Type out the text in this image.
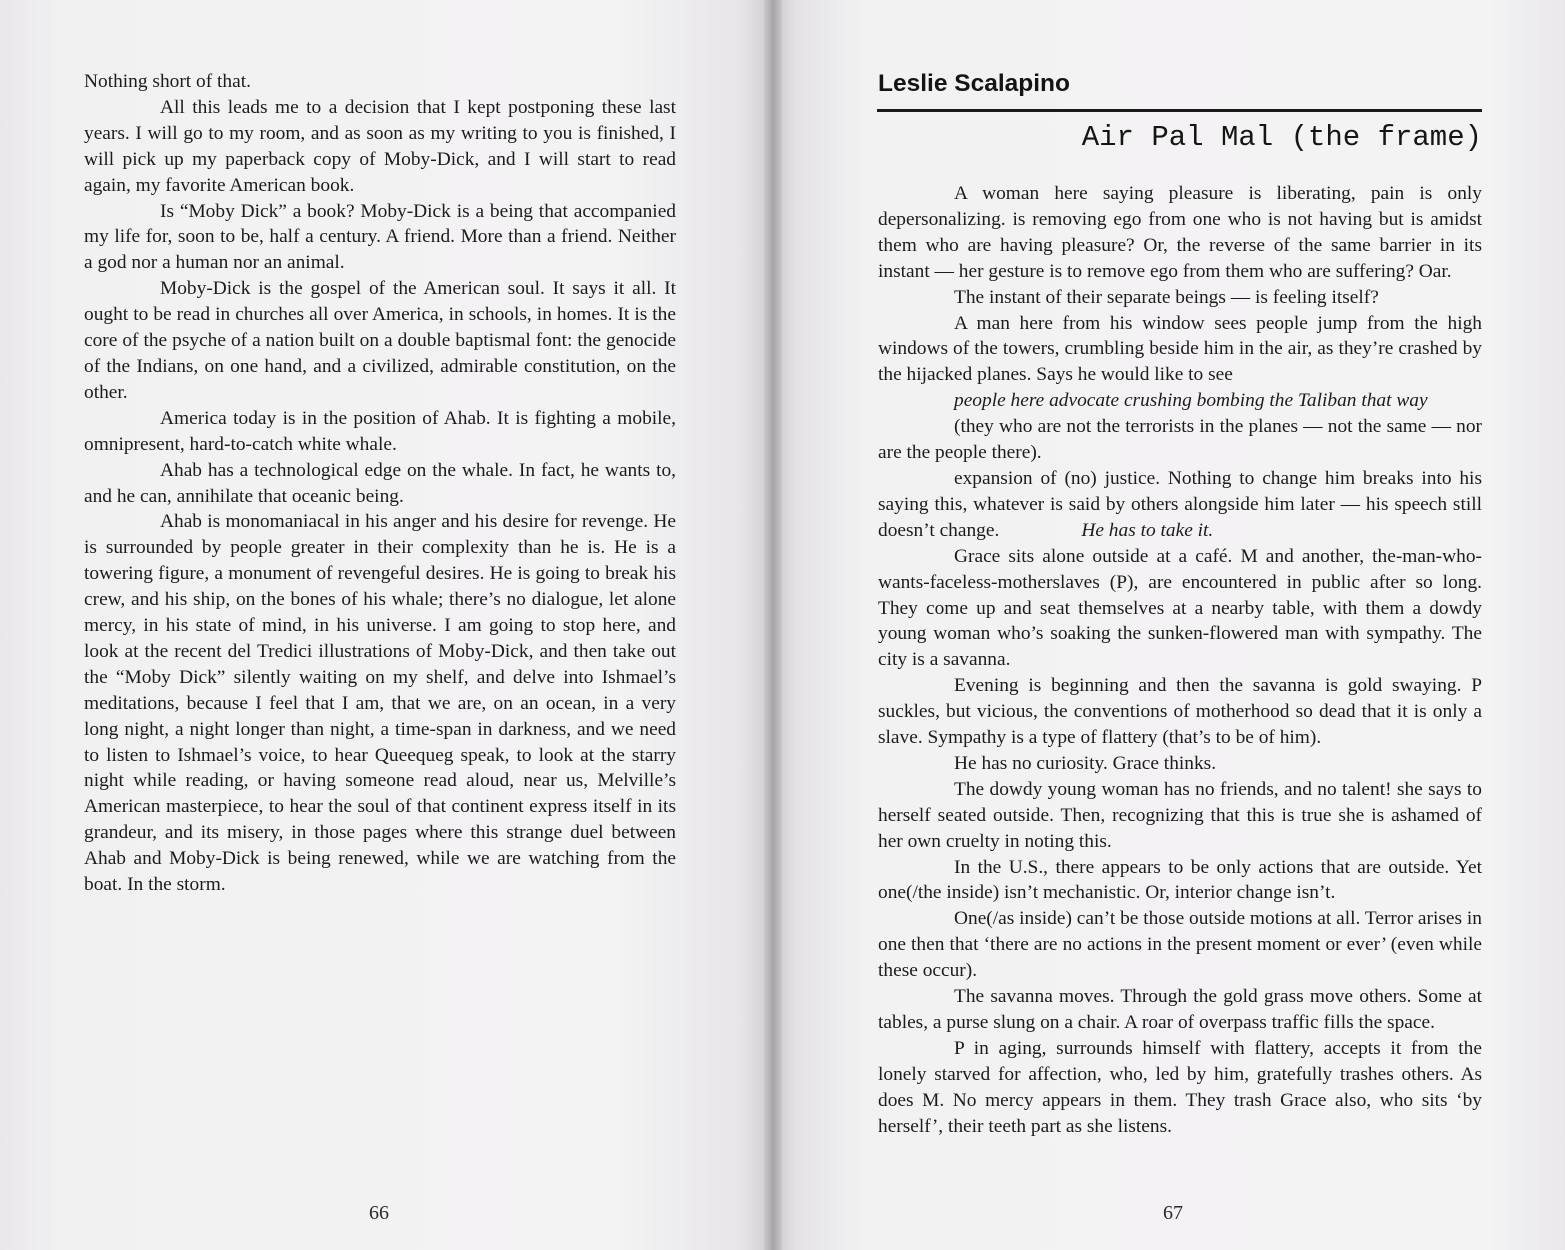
Nothing short of that.

All this leads me to a decision that I kept postponing these last years. I will go to my room, and as soon as my writing to you is finished, I will pick up my paperback copy of Moby-Dick, and I will start to read again, my favorite American book.

Is “Moby Dick” a book? Moby-Dick is a being that accompanied my life for, soon to be, half a century. A friend. More than a friend. Neither a god nor a human nor an animal.

Moby-Dick is the gospel of the American soul. It says it all. It ought to be read in churches all over America, in schools, in homes. It is the core of the psyche of a nation built on a double baptismal font: the genocide of the Indians, on one hand, and a civilized, admirable constitution, on the other.

America today is in the position of Ahab. It is fighting a mobile, omnipresent, hard-to-catch white whale.

Ahab has a technological edge on the whale. In fact, he wants to, and he can, annihilate that oceanic being.

Ahab is monomaniacal in his anger and his desire for revenge. He is surrounded by people greater in their complexity than he is. He is a towering figure, a monument of revengeful desires. He is going to break his crew, and his ship, on the bones of his whale; there’s no dialogue, let alone mercy, in his state of mind, in his universe. I am going to stop here, and look at the recent del Tredici illustrations of Moby-Dick, and then take out the “Moby Dick” silently waiting on my shelf, and delve into Ishmael’s meditations, because I feel that I am, that we are, on an ocean, in a very long night, a night longer than night, a time-span in darkness, and we need to listen to Ishmael’s voice, to hear Queequeg speak, to look at the starry night while reading, or having someone read aloud, near us, Melville’s American masterpiece, to hear the soul of that continent express itself in its grandeur, and its misery, in those pages where this strange duel between Ahab and Moby-Dick is being renewed, while we are watching from the boat. In the storm.

66
Leslie Scalapino
Air Pal Mal (the frame)

A woman here saying pleasure is liberating, pain is only depersonalizing. is removing ego from one who is not having but is amidst them who are having pleasure? Or, the reverse of the same barrier in its instant — her gesture is to remove ego from them who are suffering? Oar.

The instant of their separate beings — is feeling itself?

A man here from his window sees people jump from the high windows of the towers, crumbling beside him in the air, as they’re crashed by the hijacked planes. Says he would like to see

people here advocate crushing bombing the Taliban that way

(they who are not the terrorists in the planes — not the same — nor are the people there).

expansion of (no) justice. Nothing to change him breaks into his saying this, whatever is said by others alongside him later — his speech still doesn’t change.	He has to take it.

Grace sits alone outside at a café. M and another, the-man-who-wants-faceless-motherslaves (P), are encountered in public after so long. They come up and seat themselves at a nearby table, with them a dowdy young woman who’s soaking the sunken-flowered man with sympathy. The city is a savanna.

Evening is beginning and then the savanna is gold swaying. P suckles, but vicious, the conventions of motherhood so dead that it is only a slave. Sympathy is a type of flattery (that’s to be of him).

He has no curiosity. Grace thinks.

The dowdy young woman has no friends, and no talent! she says to herself seated outside. Then, recognizing that this is true she is ashamed of her own cruelty in noting this.

In the U.S., there appears to be only actions that are outside. Yet one(/the inside) isn’t mechanistic. Or, interior change isn’t.

One(/as inside) can’t be those outside motions at all. Terror arises in one then that ‘there are no actions in the present moment or ever’ (even while these occur).

The savanna moves. Through the gold grass move others. Some at tables, a purse slung on a chair. A roar of overpass traffic fills the space.

P in aging, surrounds himself with flattery, accepts it from the lonely starved for affection, who, led by him, gratefully trashes others. As does M. No mercy appears in them. They trash Grace also, who sits ‘by herself’, their teeth part as she listens.

67
